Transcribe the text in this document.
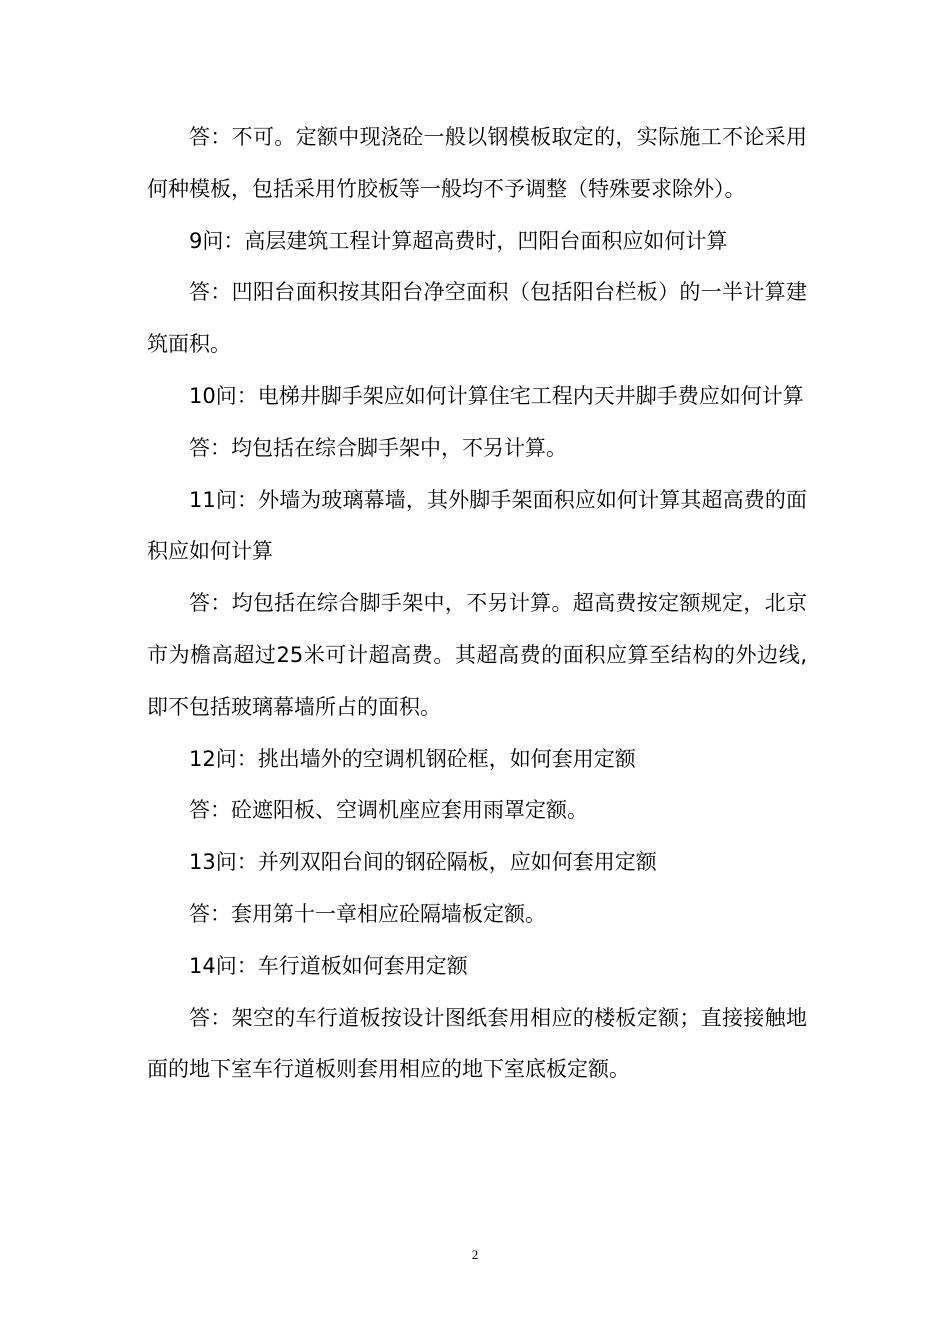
答：不可。定额中现浇砼一般以钢模板取定的，实际施工不论采用何种模板，包括采用竹胶板等一般均不予调整（特殊要求除外）。

9问：高层建筑工程计算超高费时，凹阳台面积应如何计算

答：凹阳台面积按其阳台净空面积（包括阳台栏板）的一半计算建筑面积。

10问：电梯井脚手架应如何计算住宅工程内天井脚手费应如何计算

答：均包括在综合脚手架中，不另计算。

11问：外墙为玻璃幕墙，其外脚手架面积应如何计算其超高费的面积应如何计算

答：均包括在综合脚手架中，不另计算。超高费按定额规定，北京市为檐高超过25米可计超高费。其超高费的面积应算至结构的外边线,即不包括玻璃幕墙所占的面积。

12问：挑出墙外的空调机钢砼框，如何套用定额

答：砼遮阳板、空调机座应套用雨罩定额。

13问：并列双阳台间的钢砼隔板，应如何套用定额

答：套用第十一章相应砼隔墙板定额。

14问：车行道板如何套用定额

答：架空的车行道板按设计图纸套用相应的楼板定额；直接接触地面的地下室车行道板则套用相应的地下室底板定额。

2
